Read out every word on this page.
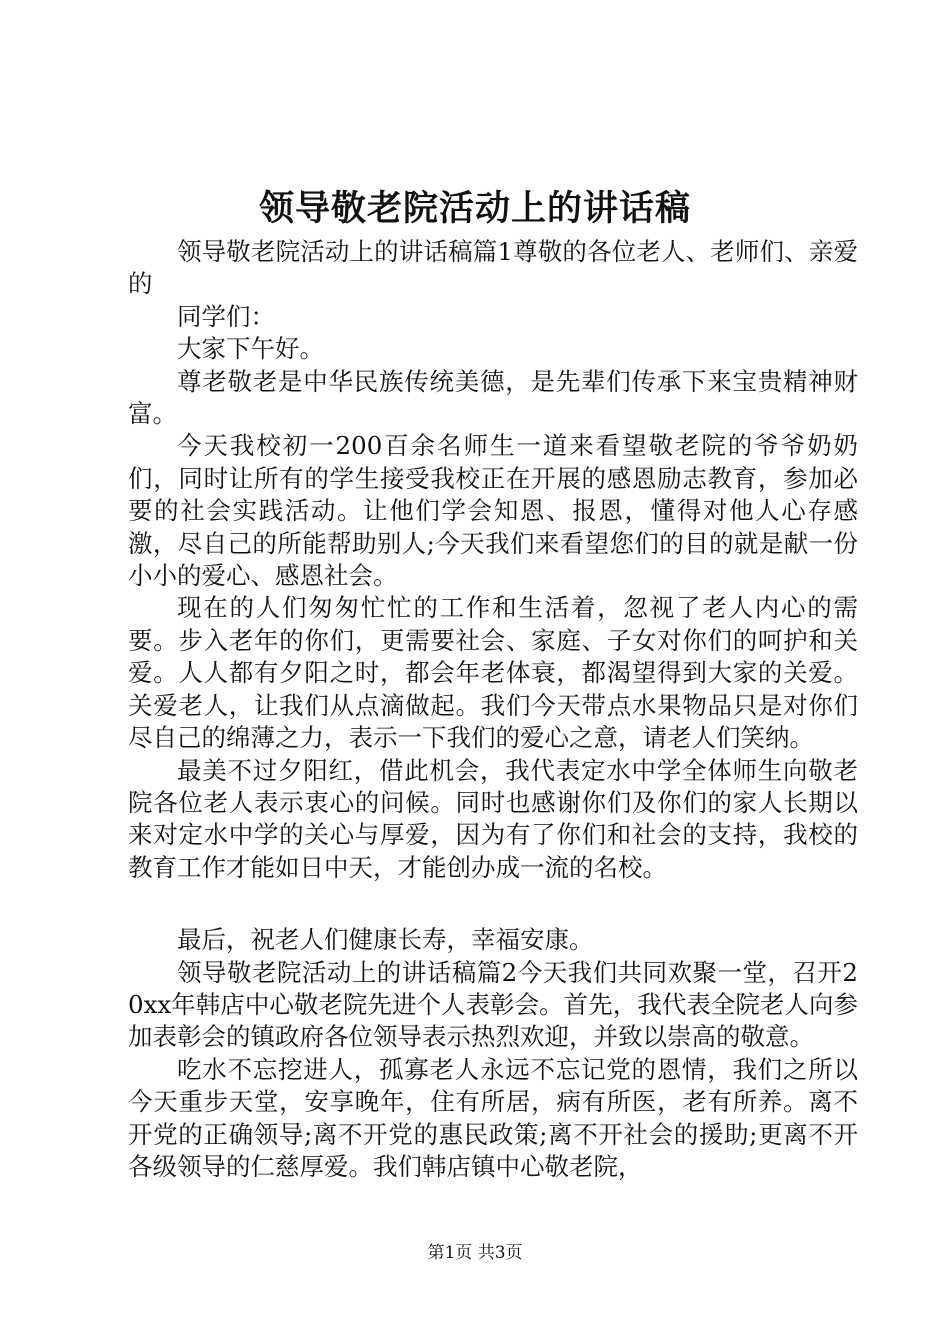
领导敬老院活动上的讲话稿

领导敬老院活动上的讲话稿篇1尊敬的各位老人、老师们、亲爱的

同学们：

大家下午好。

尊老敬老是中华民族传统美德，是先辈们传承下来宝贵精神财富。

今天我校初一200百余名师生一道来看望敬老院的爷爷奶奶们，同时让所有的学生接受我校正在开展的感恩励志教育，参加必要的社会实践活动。让他们学会知恩、报恩，懂得对他人心存感激，尽自己的所能帮助别人;今天我们来看望您们的目的就是献一份小小的爱心、感恩社会。

现在的人们匆匆忙忙的工作和生活着，忽视了老人内心的需要。步入老年的你们，更需要社会、家庭、子女对你们的呵护和关爱。人人都有夕阳之时，都会年老体衰，都渴望得到大家的关爱。关爱老人，让我们从点滴做起。我们今天带点水果物品只是对你们尽自己的绵薄之力，表示一下我们的爱心之意，请老人们笑纳。

最美不过夕阳红，借此机会，我代表定水中学全体师生向敬老院各位老人表示衷心的问候。同时也感谢你们及你们的家人长期以来对定水中学的关心与厚爱，因为有了你们和社会的支持，我校的教育工作才能如日中天，才能创办成一流的名校。

最后，祝老人们健康长寿，幸福安康。

领导敬老院活动上的讲话稿篇2今天我们共同欢聚一堂，召开20xx年韩店中心敬老院先进个人表彰会。首先，我代表全院老人向参加表彰会的镇政府各位领导表示热烈欢迎，并致以崇高的敬意。

吃水不忘挖进人，孤寡老人永远不忘记党的恩情，我们之所以今天重步天堂，安享晚年，住有所居，病有所医，老有所养。离不开党的正确领导;离不开党的惠民政策;离不开社会的援助;更离不开各级领导的仁慈厚爱。我们韩店镇中心敬老院，

第1页 共3页
